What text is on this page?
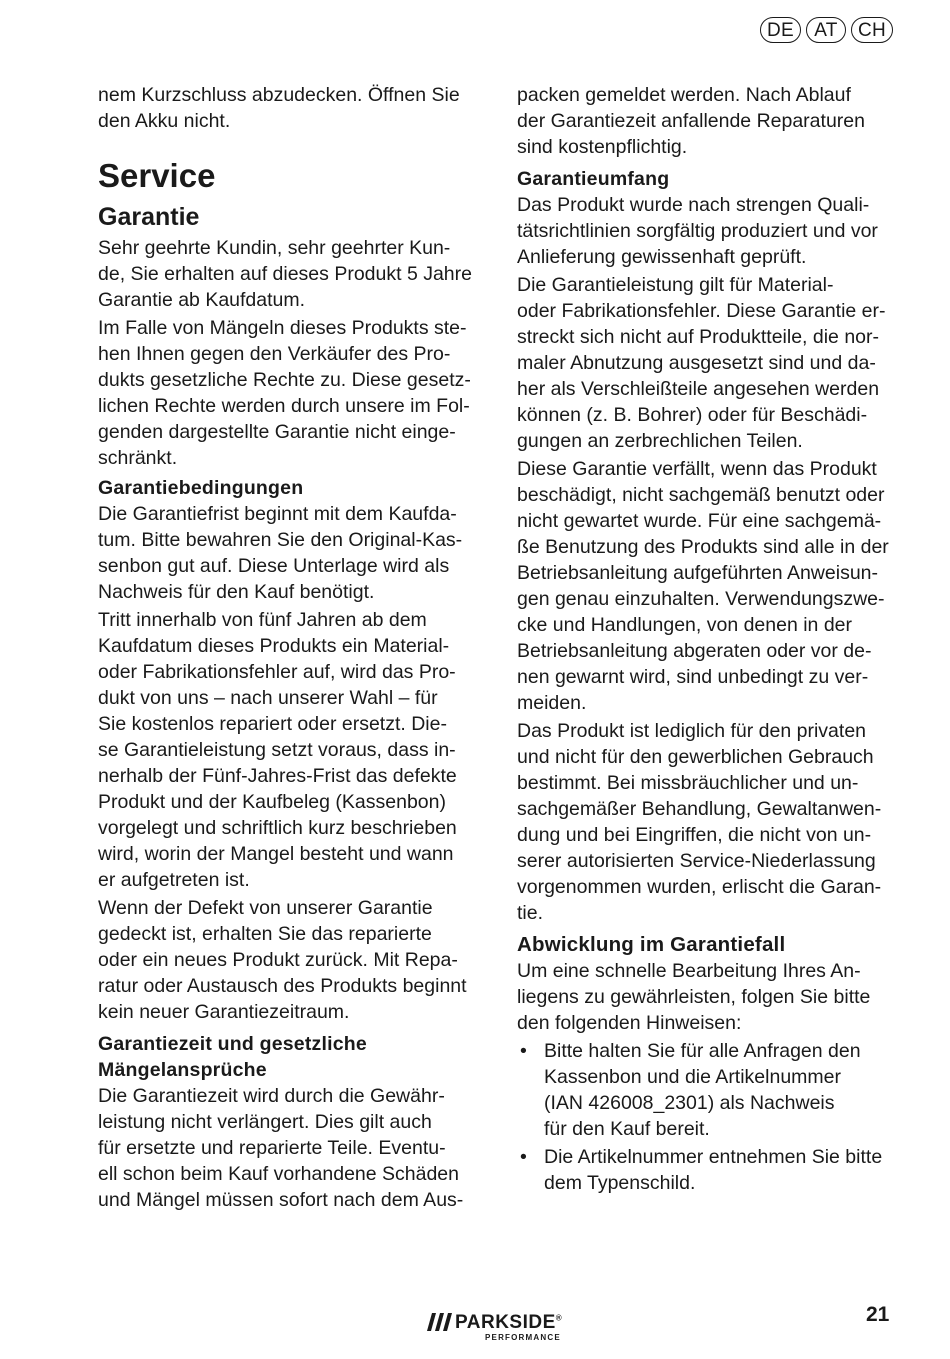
DE	AT	CH

nem Kurzschluss abzudecken. Öffnen Sie
den Akku nicht.

Service
Garantie

Sehr geehrte Kundin, sehr geehrter Kun-
de, Sie erhalten auf dieses Produkt 5 Jahre
Garantie ab Kaufdatum.

Im Falle von Mängeln dieses Produkts ste-
hen Ihnen gegen den Verkäufer des Pro-
dukts gesetzliche Rechte zu. Diese gesetz-
lichen Rechte werden durch unsere im Fol-
genden dargestellte Garantie nicht einge-
schränkt.

Garantiebedingungen

Die Garantiefrist beginnt mit dem Kaufda-
tum. Bitte bewahren Sie den Original-Kas-
senbon gut auf. Diese Unterlage wird als
Nachweis für den Kauf benötigt.

Tritt innerhalb von fünf Jahren ab dem
Kaufdatum dieses Produkts ein Material-
oder Fabrikationsfehler auf, wird das Pro-
dukt von uns – nach unserer Wahl – für
Sie kostenlos repariert oder ersetzt. Die-
se Garantieleistung setzt voraus, dass in-
nerhalb der Fünf-Jahres-Frist das defekte
Produkt und der Kaufbeleg (Kassenbon)
vorgelegt und schriftlich kurz beschrieben
wird, worin der Mangel besteht und wann
er aufgetreten ist.

Wenn der Defekt von unserer Garantie
gedeckt ist, erhalten Sie das reparierte
oder ein neues Produkt zurück. Mit Repa-
ratur oder Austausch des Produkts beginnt
kein neuer Garantiezeitraum.

Garantiezeit und gesetzliche
Mängelansprüche

Die Garantiezeit wird durch die Gewähr-
leistung nicht verlängert. Dies gilt auch
für ersetzte und reparierte Teile. Eventu-
ell schon beim Kauf vorhandene Schäden
und Mängel müssen sofort nach dem Aus-

packen gemeldet werden. Nach Ablauf
der Garantiezeit anfallende Reparaturen
sind kostenpflichtig.

Garantieumfang

Das Produkt wurde nach strengen Quali-
tätsrichtlinien sorgfältig produziert und vor
Anlieferung gewissenhaft geprüft.

Die Garantieleistung gilt für Material-
oder Fabrikationsfehler. Diese Garantie er-
streckt sich nicht auf Produktteile, die nor-
maler Abnutzung ausgesetzt sind und da-
her als Verschleißteile angesehen werden
können (z. B. Bohrer) oder für Beschädi-
gungen an zerbrechlichen Teilen.

Diese Garantie verfällt, wenn das Produkt
beschädigt, nicht sachgemäß benutzt oder
nicht gewartet wurde. Für eine sachgemä-
ße Benutzung des Produkts sind alle in der
Betriebsanleitung aufgeführten Anweisun-
gen genau einzuhalten. Verwendungszwe-
cke und Handlungen, von denen in der
Betriebsanleitung abgeraten oder vor de-
nen gewarnt wird, sind unbedingt zu ver-
meiden.

Das Produkt ist lediglich für den privaten
und nicht für den gewerblichen Gebrauch
bestimmt. Bei missbräuchlicher und un-
sachgemäßer Behandlung, Gewaltanwen-
dung und bei Eingriffen, die nicht von un-
serer autorisierten Service-Niederlassung
vorgenommen wurden, erlischt die Garan-
tie.

Abwicklung im Garantiefall

Um eine schnelle Bearbeitung Ihres An-
liegens zu gewährleisten, folgen Sie bitte
den folgenden Hinweisen:

• Bitte halten Sie für alle Anfragen den
Kassenbon und die Artikelnummer
(IAN 426008_2301) als Nachweis
für den Kauf bereit.
• Die Artikelnummer entnehmen Sie bitte
dem Typenschild.
PARKSIDE®
PERFORMANCE
21
